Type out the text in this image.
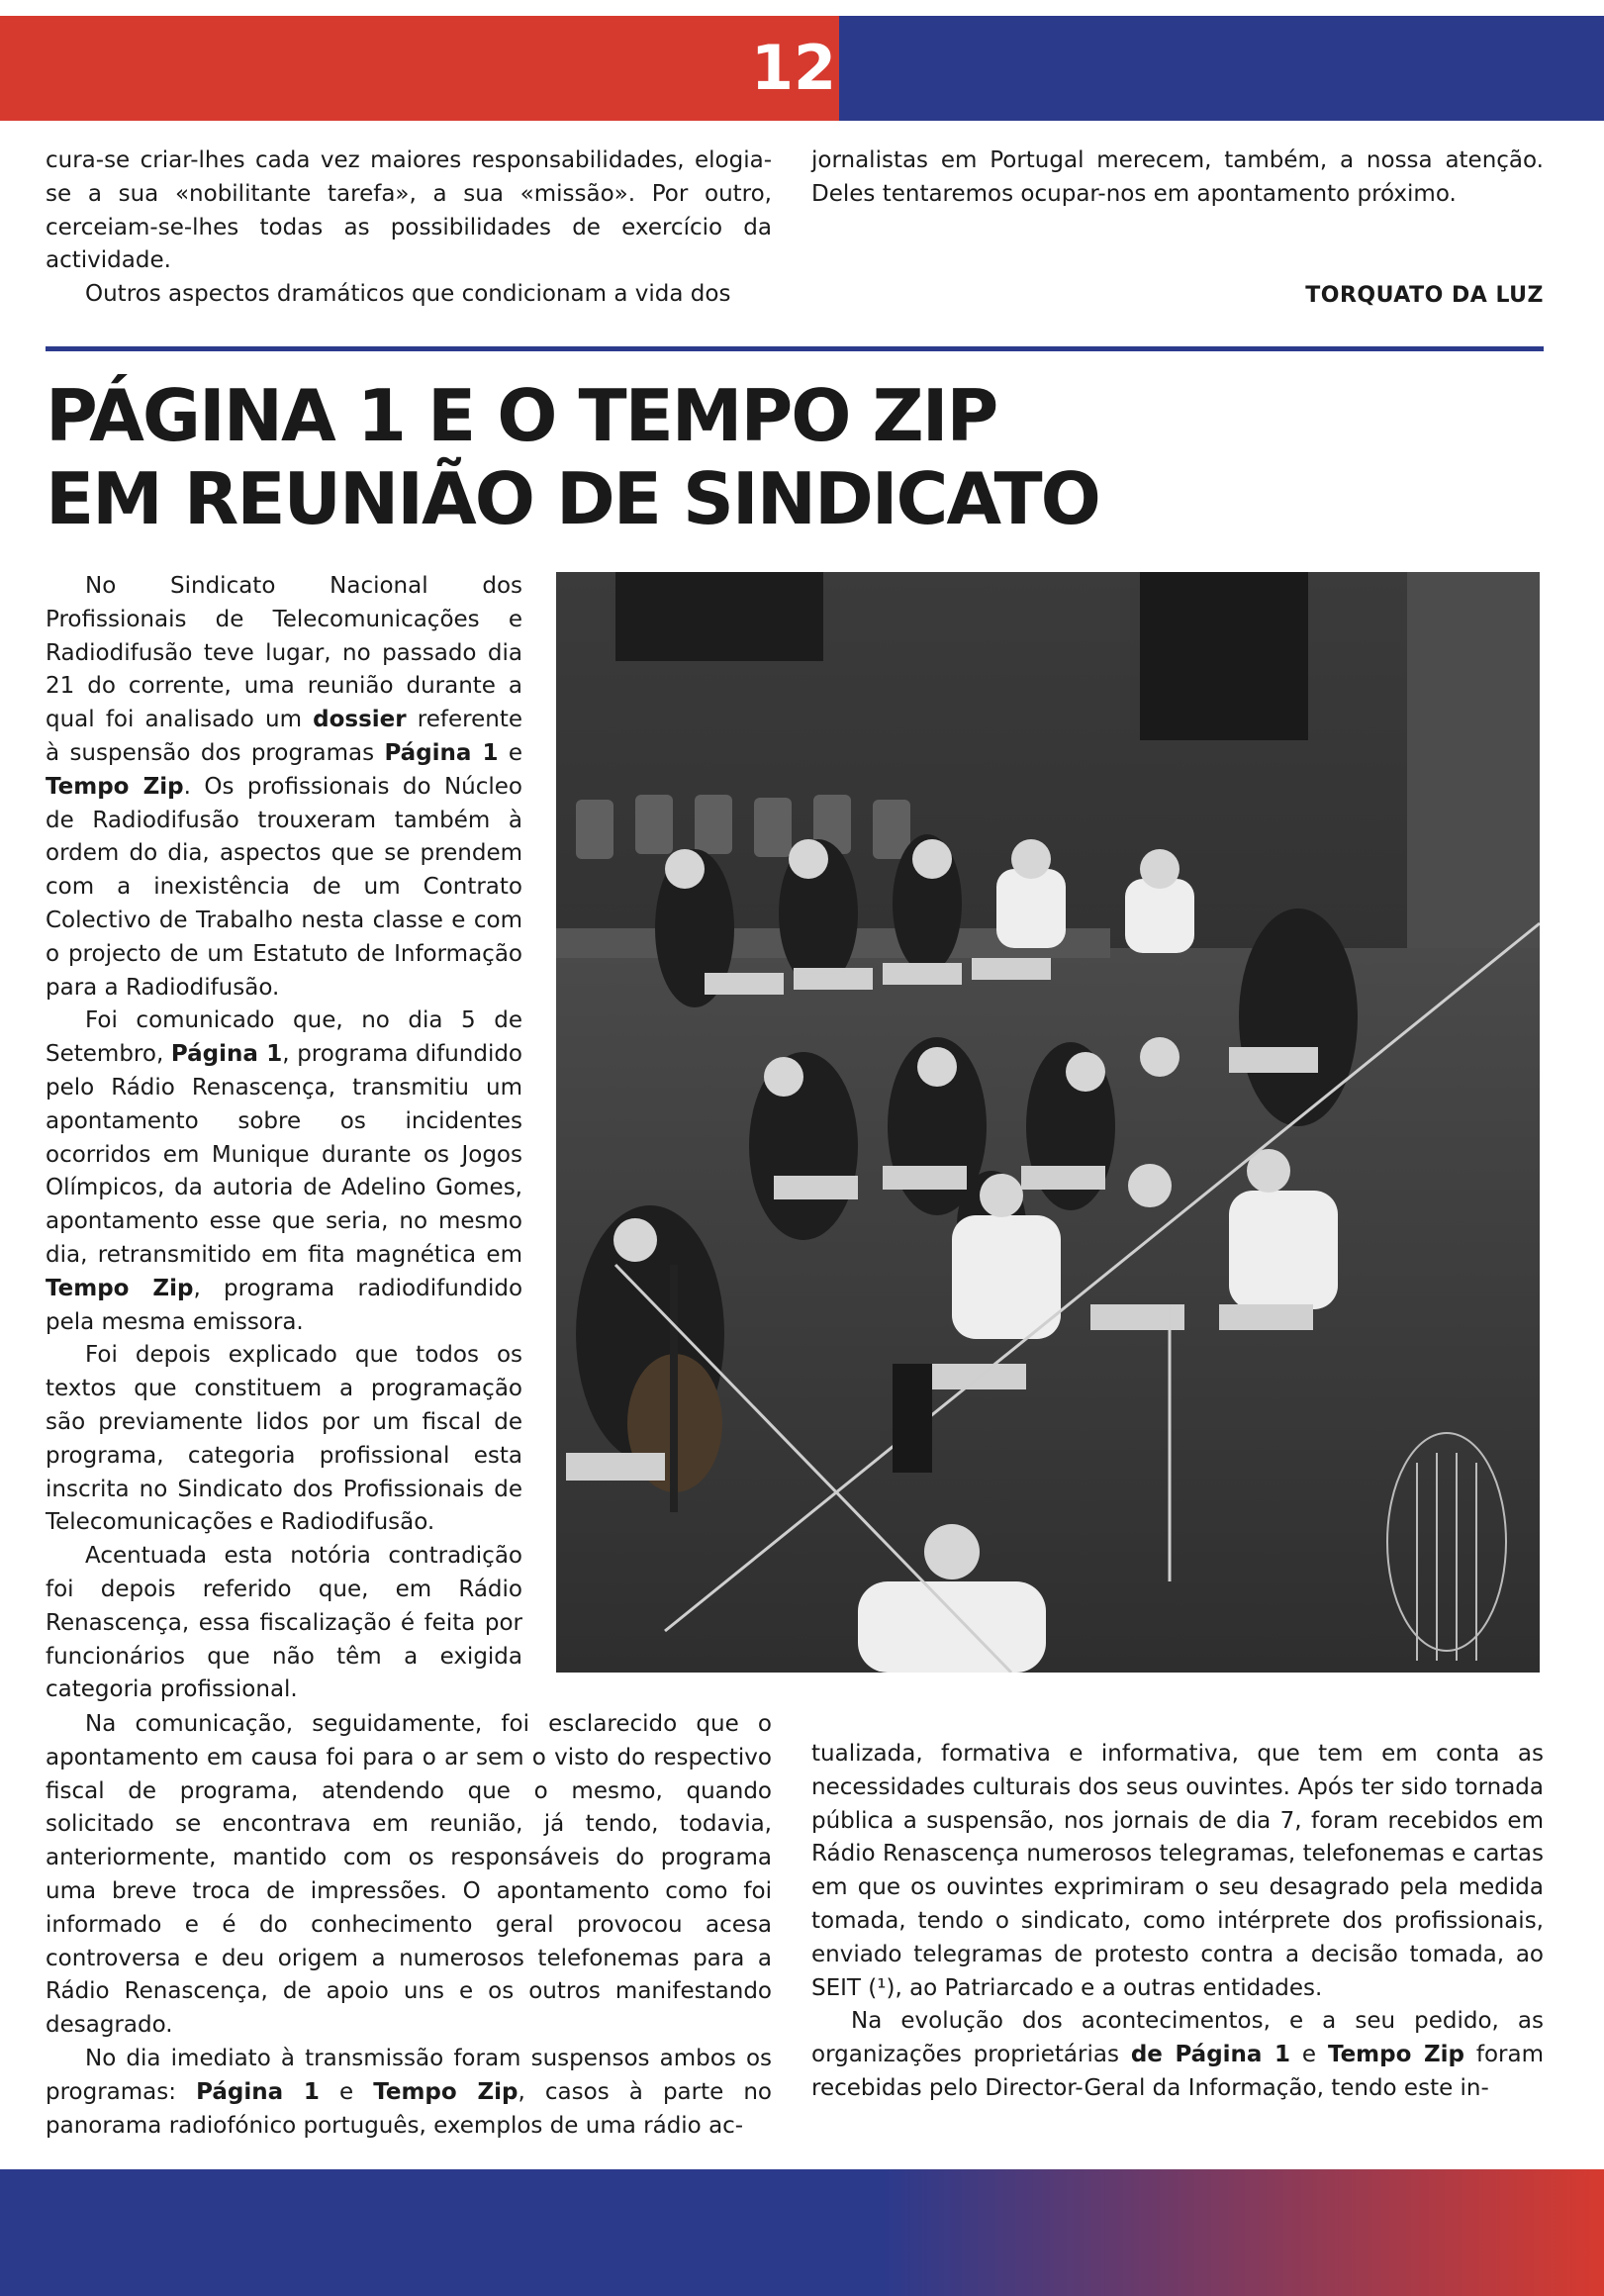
12

cura-se criar-lhes cada vez maiores responsabilidades, elogia-se a sua «nobilitante tarefa», a sua «missão». Por outro, cerceiam-se-lhes todas as possibilidades de exercício da actividade.

Outros aspectos dramáticos que condicionam a vida dos

jornalistas em Portugal merecem, também, a nossa atenção. Deles tentaremos ocupar-nos em apontamento próximo.

TORQUATO DA LUZ
PÁGINA 1 E O TEMPO ZIP
EM REUNIÃO DE SINDICATO

No Sindicato Nacional dos Profissionais de Telecomunicações e Radiodifusão teve lugar, no passado dia 21 do corrente, uma reunião durante a qual foi analisado um dossier referente à suspensão dos programas Página 1 e Tempo Zip. Os profissionais do Núcleo de Radiodifusão trouxeram também à ordem do dia, aspectos que se prendem com a inexistência de um Contrato Colectivo de Trabalho nesta classe e com o projecto de um Estatuto de Informação para a Radiodifusão.

Foi comunicado que, no dia 5 de Setembro, Página 1, programa difundido pelo Rádio Renascença, transmitiu um apontamento sobre os incidentes ocorridos em Munique durante os Jogos Olímpicos, da autoria de Adelino Gomes, apontamento esse que seria, no mesmo dia, retransmitido em fita magnética em Tempo Zip, programa radiodifundido pela mesma emissora.

Foi depois explicado que todos os textos que constituem a programação são previamente lidos por um fiscal de programa, categoria profissional esta inscrita no Sindicato dos Profissionais de Telecomunicações e Radiodifusão.

Acentuada esta notória contradição foi depois referido que, em Rádio Renascença, essa fiscalização é feita por funcionários que não têm a exigida categoria profissional.

Na comunicação, seguidamente, foi esclarecido que o apontamento em causa foi para o ar sem o visto do respectivo fiscal de programa, atendendo que o mesmo, quando solicitado se encontrava em reunião, já tendo, todavia, anteriormente, mantido com os responsáveis do programa uma breve troca de impressões. O apontamento como foi informado e é do conhecimento geral provocou acesa controversa e deu origem a numerosos telefonemas para a Rádio Renascença, de apoio uns e os outros manifestando desagrado.

No dia imediato à transmissão foram suspensos ambos os programas: Página 1 e Tempo Zip, casos à parte no panorama radiofónico português, exemplos de uma rádio ac-

tualizada, formativa e informativa, que tem em conta as necessidades culturais dos seus ouvintes. Após ter sido tornada pública a suspensão, nos jornais de dia 7, foram recebidos em Rádio Renascença numerosos telegramas, telefonemas e cartas em que os ouvintes exprimiram o seu desagrado pela medida tomada, tendo o sindicato, como intérprete dos profissionais, enviado telegramas de protesto contra a decisão tomada, ao SEIT (¹), ao Patriarcado e a outras entidades.

Na evolução dos acontecimentos, e a seu pedido, as organizações proprietárias de Página 1 e Tempo Zip foram recebidas pelo Director-Geral da Informação, tendo este in-
